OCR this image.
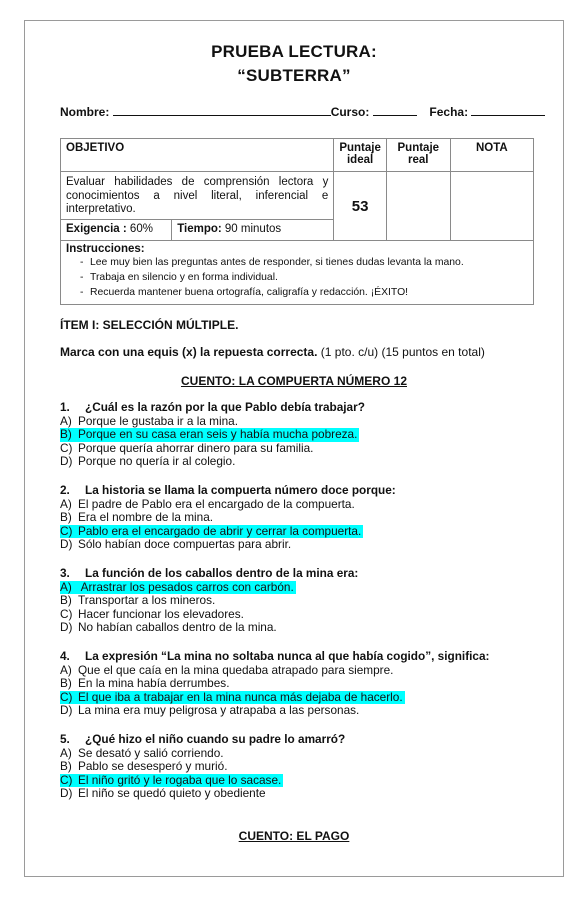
PRUEBA LECTURA:
“SUBTERRA”
Nombre:	Curso:	Fecha:
OBJETIVO		Puntaje ideal	Puntaje real	NOTA
Evaluar habilidades de comprensión lectora y conocimientos a nivel literal, inferencial e interpretativo.		53		
Exigencia : 60%	Tiempo: 90 minutos			

Instrucciones:
- Lee muy bien las preguntas antes de responder, si tienes dudas levanta la mano.
- Trabaja en silencio y en forma individual.
- Recuerda mantener buena ortografía, caligrafía y redacción. ¡ÉXITO!
ÍTEM I: SELECCIÓN MÚLTIPLE.
Marca con una equis (x) la repuesta correcta. (1 pto. c/u) (15 puntos en total)
CUENTO: LA COMPUERTA NÚMERO 12
1.	¿Cuál es la razón por la que Pablo debía trabajar?
A) Porque le gustaba ir a la mina.
B) Porque en su casa eran seis y había mucha pobreza.
C) Porque quería ahorrar dinero para su familia.
D) Porque no quería ir al colegio.
2.	La historia se llama la compuerta número doce porque:
A) El padre de Pablo era el encargado de la compuerta.
B) Era el nombre de la mina.
C) Pablo era el encargado de abrir y cerrar la compuerta.
D) Sólo habían doce compuertas para abrir.
3.	La función de los caballos dentro de la mina era:
A) Arrastrar los pesados carros con carbón.
B) Transportar a los mineros.
C) Hacer funcionar los elevadores.
D) No habían caballos dentro de la mina.
4.	La expresión “La mina no soltaba nunca al que había cogido”, significa:
A) Que el que caía en la mina quedaba atrapado para siempre.
B) En la mina había derrumbes.
C) El que iba a trabajar en la mina nunca más dejaba de hacerlo.
D) La mina era muy peligrosa y atrapaba a las personas.
5.	¿Qué hizo el niño cuando su padre lo amarró?
A) Se desató y salió corriendo.
B) Pablo se desesperó y murió.
C) El niño gritó y le rogaba que lo sacase.
D) El niño se quedó quieto y obediente
CUENTO: EL PAGO
